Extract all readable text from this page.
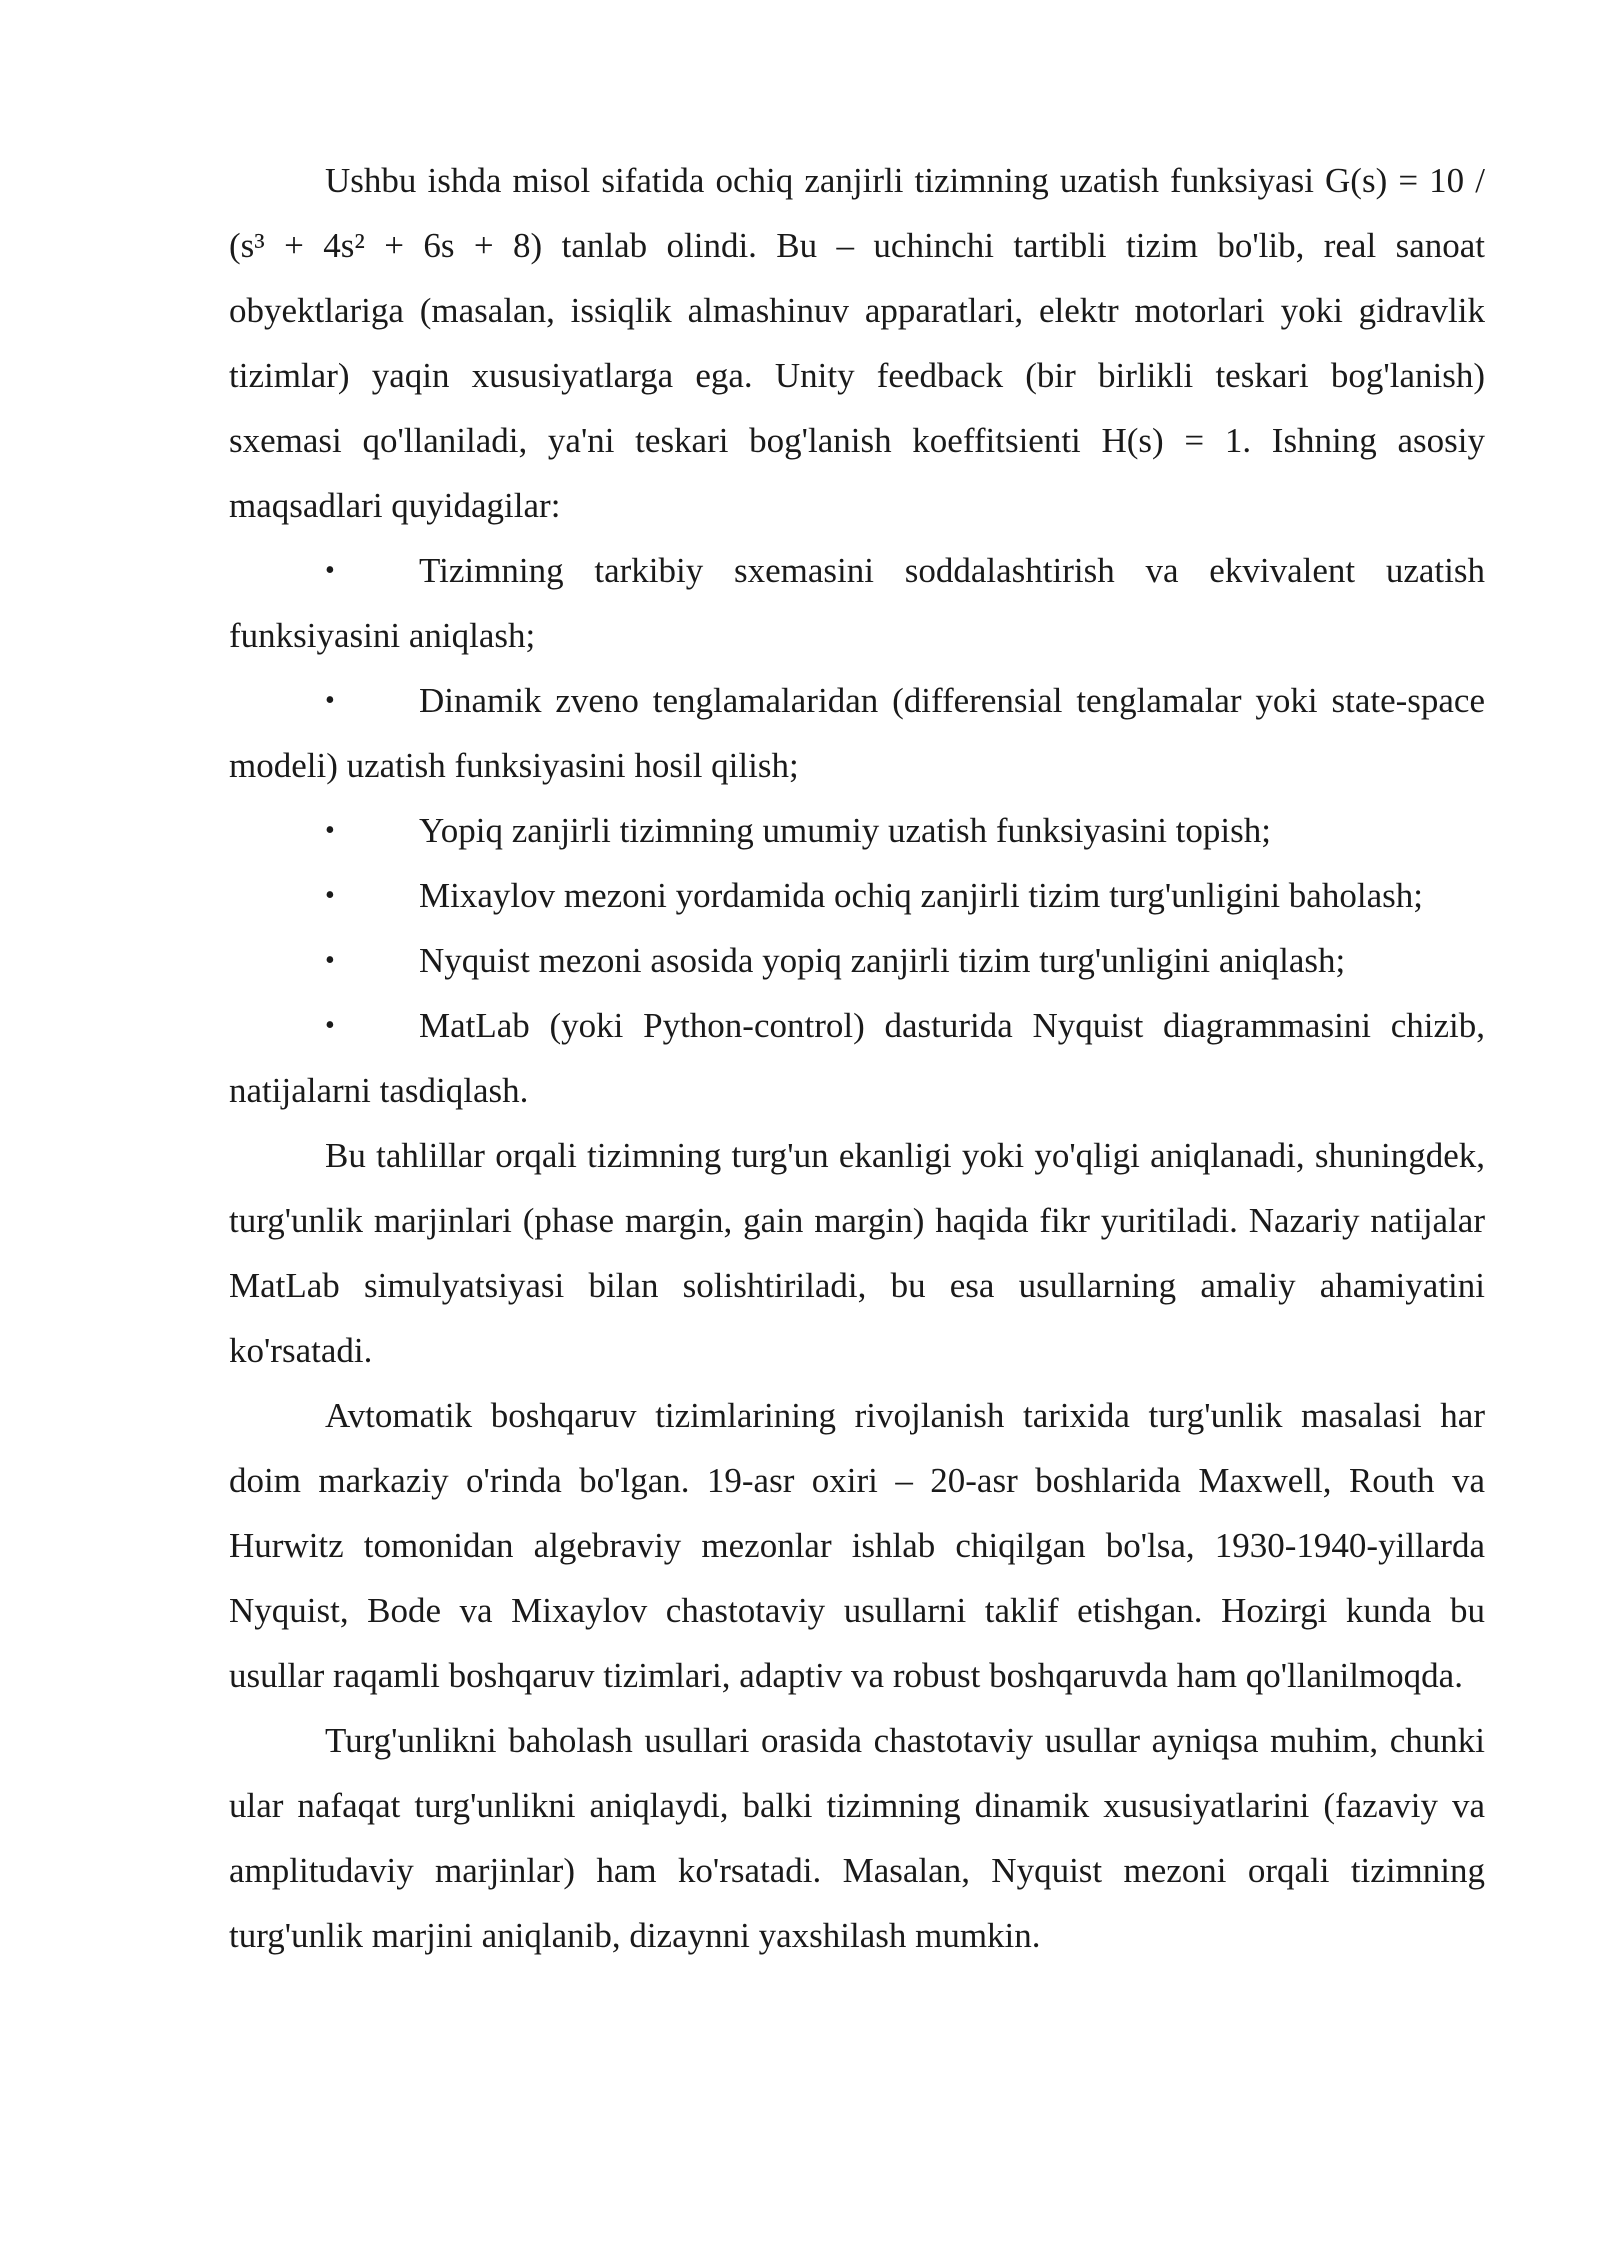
Ushbu ishda misol sifatida ochiq zanjirli tizimning uzatish funksiyasi G(s) = 10 / (s³ + 4s² + 6s + 8) tanlab olindi. Bu – uchinchi tartibli tizim bo'lib, real sanoat obyektlariga (masalan, issiqlik almashinuv apparatlari, elektr motorlari yoki gidravlik tizimlar) yaqin xususiyatlarga ega. Unity feedback (bir birlikli teskari bog'lanish) sxemasi qo'llaniladi, ya'ni teskari bog'lanish koeffitsienti H(s) = 1. Ishning asosiy maqsadlari quyidagilar:

• Tizimning tarkibiy sxemasini soddalashtirish va ekvivalent uzatish funksiyasini aniqlash;

• Dinamik zveno tenglamalaridan (differensial tenglamalar yoki state-space modeli) uzatish funksiyasini hosil qilish;

• Yopiq zanjirli tizimning umumiy uzatish funksiyasini topish;

• Mixaylov mezoni yordamida ochiq zanjirli tizim turg'unligini baholash;

• Nyquist mezoni asosida yopiq zanjirli tizim turg'unligini aniqlash;

• MatLab (yoki Python-control) dasturida Nyquist diagrammasini chizib, natijalarni tasdiqlash.

Bu tahlillar orqali tizimning turg'un ekanligi yoki yo'qligi aniqlanadi, shuningdek, turg'unlik marjinlari (phase margin, gain margin) haqida fikr yuritiladi. Nazariy natijalar MatLab simulyatsiyasi bilan solishtiriladi, bu esa usullarning amaliy ahamiyatini ko'rsatadi.

Avtomatik boshqaruv tizimlarining rivojlanish tarixida turg'unlik masalasi har doim markaziy o'rinda bo'lgan. 19-asr oxiri – 20-asr boshlarida Maxwell, Routh va Hurwitz tomonidan algebraviy mezonlar ishlab chiqilgan bo'lsa, 1930-1940-yillarda Nyquist, Bode va Mixaylov chastotaviy usullarni taklif etishgan. Hozirgi kunda bu usullar raqamli boshqaruv tizimlari, adaptiv va robust boshqaruvda ham qo'llanilmoqda.

Turg'unlikni baholash usullari orasida chastotaviy usullar ayniqsa muhim, chunki ular nafaqat turg'unlikni aniqlaydi, balki tizimning dinamik xususiyatlarini (fazaviy va amplitudaviy marjinlar) ham ko'rsatadi. Masalan, Nyquist mezoni orqali tizimning turg'unlik marjini aniqlanib, dizaynni yaxshilash mumkin.
